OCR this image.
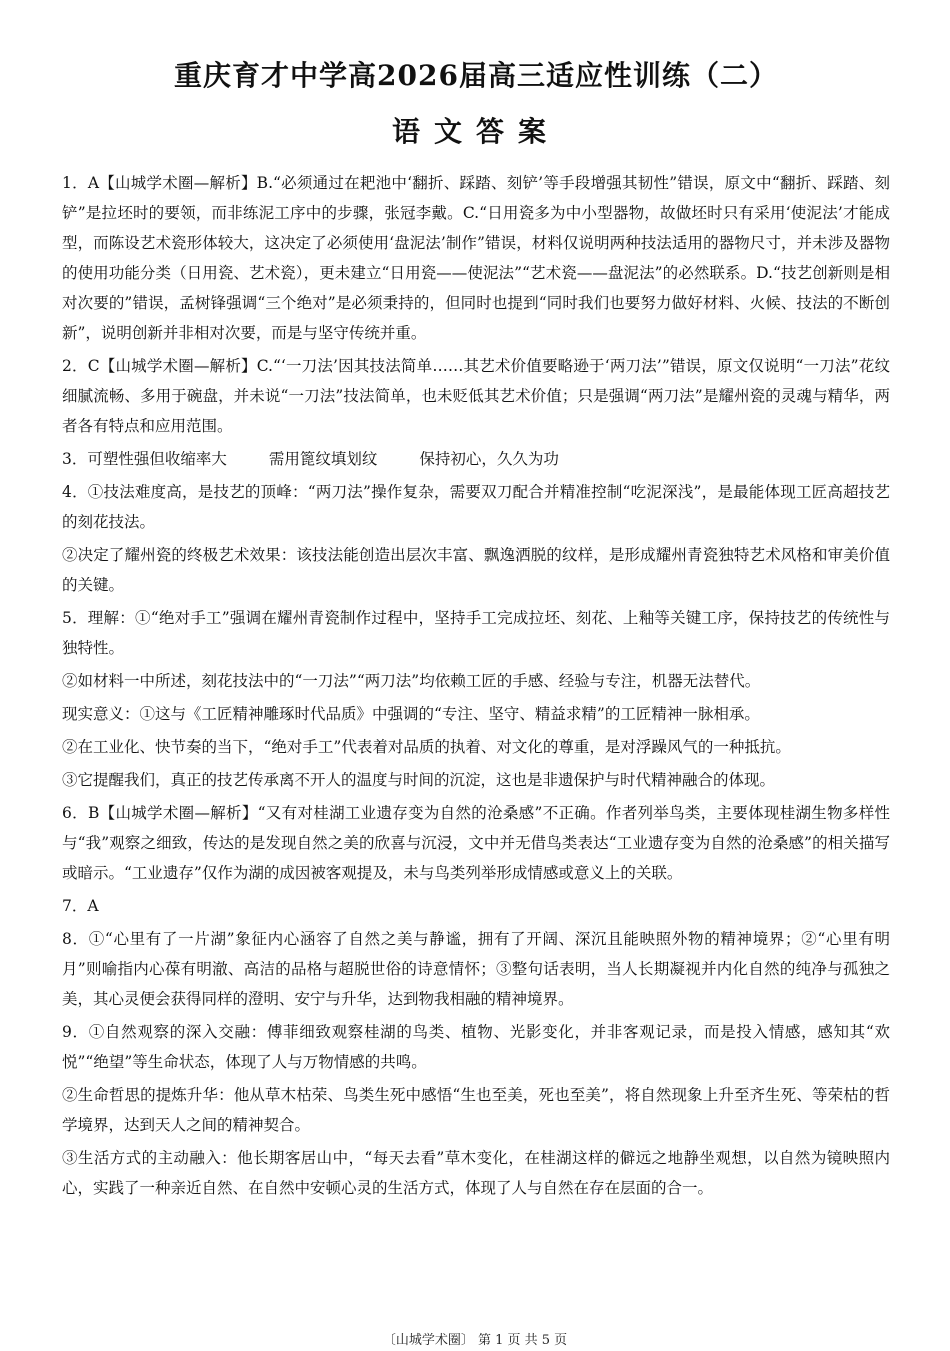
重庆育才中学高2026届高三适应性训练（二）
语文答案

1．A【山城学术圈—解析】B.“必须通过在耙池中‘翻折、踩踏、刻铲’等手段增强其韧性”错误，原文中“翻折、踩踏、刻铲”是拉坯时的要领，而非练泥工序中的步骤，张冠李戴。C.“日用瓷多为中小型器物，故做坯时只有采用‘使泥法’才能成型，而陈设艺术瓷形体较大，这决定了必须使用‘盘泥法’制作”错误，材料仅说明两种技法适用的器物尺寸，并未涉及器物的使用功能分类（日用瓷、艺术瓷），更未建立“日用瓷——使泥法”“艺术瓷——盘泥法”的必然联系。D.“技艺创新则是相对次要的”错误，孟树锋强调“三个绝对”是必须秉持的，但同时也提到“同时我们也要努力做好材料、火候、技法的不断创新”，说明创新并非相对次要，而是与坚守传统并重。

2．C【山城学术圈—解析】C.“‘一刀法’因其技法简单……其艺术价值要略逊于‘两刀法’”错误，原文仅说明“一刀法”花纹细腻流畅、多用于碗盘，并未说“一刀法”技法简单，也未贬低其艺术价值；只是强调“两刀法”是耀州瓷的灵魂与精华，两者各有特点和应用范围。

3．可塑性强但收缩率大	需用篦纹填划纹	保持初心，久久为功

4．①技法难度高，是技艺的顶峰：“两刀法”操作复杂，需要双刀配合并精准控制“吃泥深浅”，是最能体现工匠高超技艺的刻花技法。

②决定了耀州瓷的终极艺术效果：该技法能创造出层次丰富、飘逸洒脱的纹样，是形成耀州青瓷独特艺术风格和审美价值的关键。

5．理解：①“绝对手工”强调在耀州青瓷制作过程中，坚持手工完成拉坯、刻花、上釉等关键工序，保持技艺的传统性与独特性。

②如材料一中所述，刻花技法中的“一刀法”“两刀法”均依赖工匠的手感、经验与专注，机器无法替代。

现实意义：①这与《工匠精神雕琢时代品质》中强调的“专注、坚守、精益求精”的工匠精神一脉相承。

②在工业化、快节奏的当下，“绝对手工”代表着对品质的执着、对文化的尊重，是对浮躁风气的一种抵抗。

③它提醒我们，真正的技艺传承离不开人的温度与时间的沉淀，这也是非遗保护与时代精神融合的体现。

6．B【山城学术圈—解析】“又有对桂湖工业遗存变为自然的沧桑感”不正确。作者列举鸟类，主要体现桂湖生物多样性与“我”观察之细致，传达的是发现自然之美的欣喜与沉浸，文中并无借鸟类表达“工业遗存变为自然的沧桑感”的相关描写或暗示。“工业遗存”仅作为湖的成因被客观提及，未与鸟类列举形成情感或意义上的关联。

7．A

8．①“心里有了一片湖”象征内心涵容了自然之美与静谧，拥有了开阔、深沉且能映照外物的精神境界；②“心里有明月”则喻指内心葆有明澈、高洁的品格与超脱世俗的诗意情怀；③整句话表明，当人长期凝视并内化自然的纯净与孤独之美，其心灵便会获得同样的澄明、安宁与升华，达到物我相融的精神境界。

9．①自然观察的深入交融：傅菲细致观察桂湖的鸟类、植物、光影变化，并非客观记录，而是投入情感，感知其“欢悦”“绝望”等生命状态，体现了人与万物情感的共鸣。

②生命哲思的提炼升华：他从草木枯荣、鸟类生死中感悟“生也至美，死也至美”，将自然现象上升至齐生死、等荣枯的哲学境界，达到天人之间的精神契合。

③生活方式的主动融入：他长期客居山中，“每天去看”草木变化，在桂湖这样的僻远之地静坐观想，以自然为镜映照内心，实践了一种亲近自然、在自然中安顿心灵的生活方式，体现了人与自然在存在层面的合一。

〔山城学术圈〕 第 1 页 共 5 页
